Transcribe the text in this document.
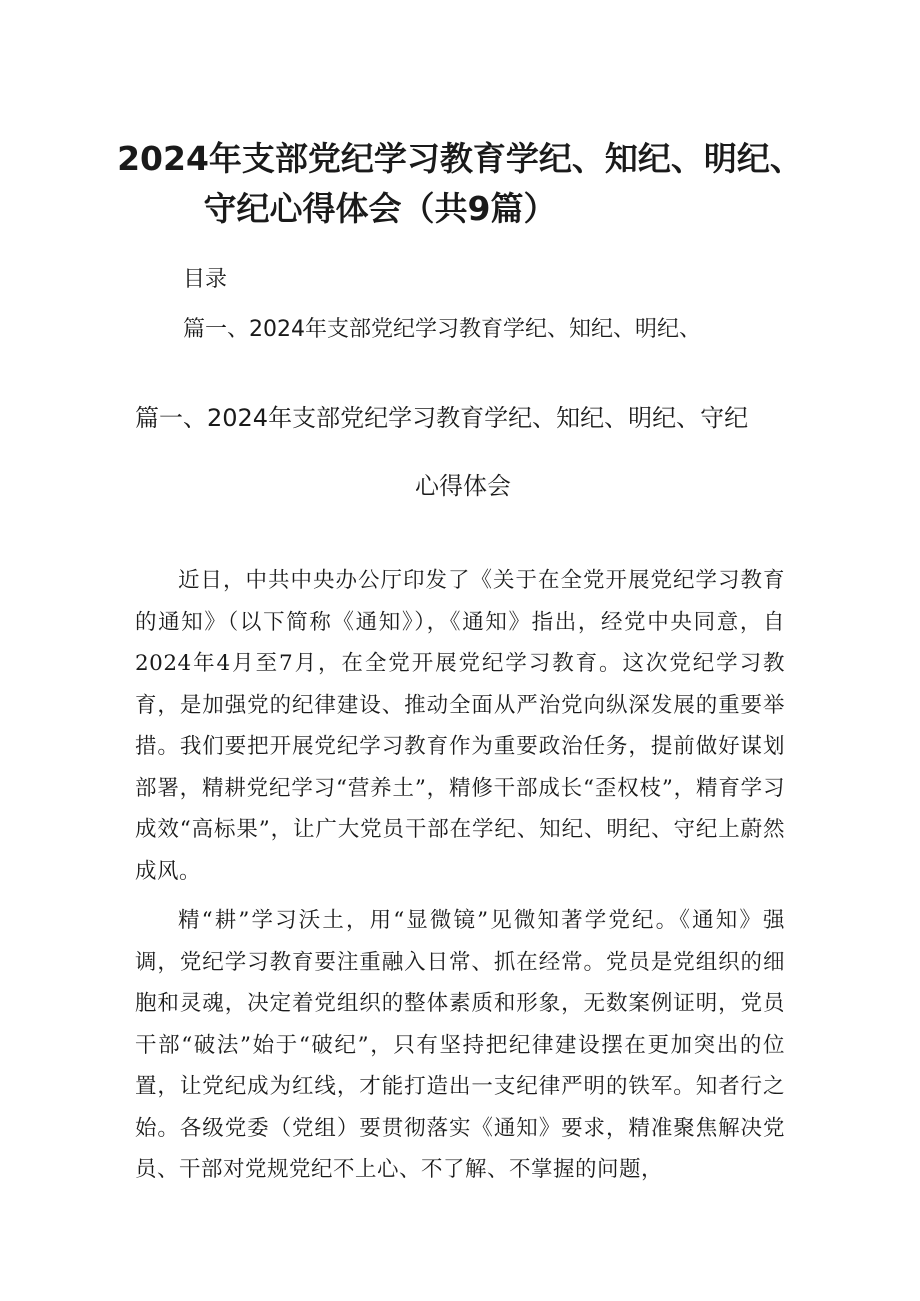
2024年支部党纪学习教育学纪、知纪、明纪、
守纪心得体会（共9篇）
目录
篇一、2024年支部党纪学习教育学纪、知纪、明纪、
篇一、2024年支部党纪学习教育学纪、知纪、明纪、守纪
心得体会

近日，中共中央办公厅印发了《关于在全党开展党纪学习教育的通知》（以下简称《通知》），《通知》指出，经党中央同意，自2024年4月至7月，在全党开展党纪学习教育。这次党纪学习教育，是加强党的纪律建设、推动全面从严治党向纵深发展的重要举措。我们要把开展党纪学习教育作为重要政治任务，提前做好谋划部署，精耕党纪学习“营养土”，精修干部成长“歪权枝”，精育学习成效“高标果”，让广大党员干部在学纪、知纪、明纪、守纪上蔚然成风。

精“耕”学习沃土，用“显微镜”见微知著学党纪。《通知》强调，党纪学习教育要注重融入日常、抓在经常。党员是党组织的细胞和灵魂，决定着党组织的整体素质和形象，无数案例证明，党员干部“破法”始于“破纪”，只有坚持把纪律建设摆在更加突出的位置，让党纪成为红线，才能打造出一支纪律严明的铁军。知者行之始。各级党委（党组）要贯彻落实《通知》要求，精准聚焦解决党员、干部对党规党纪不上心、不了解、不掌握的问题，
